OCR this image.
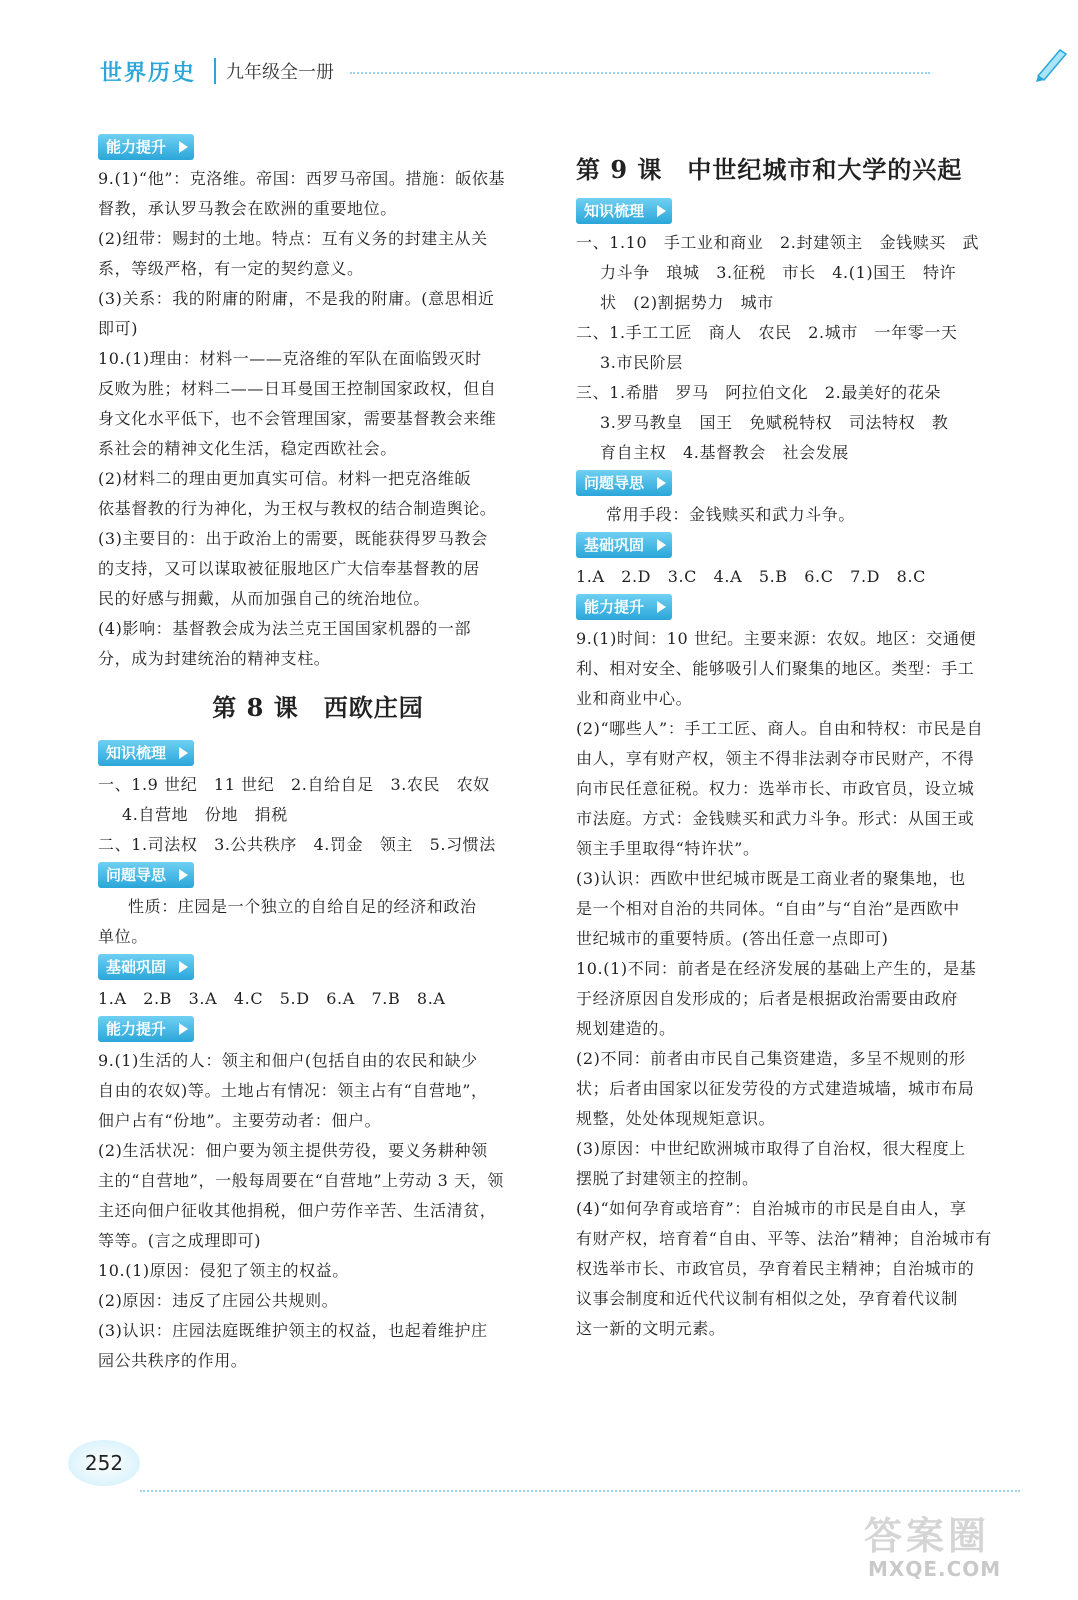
世界历史	九年级全一册
能力提升
9.(1)“他”：克洛维。帝国：西罗马帝国。措施：皈依基
督教，承认罗马教会在欧洲的重要地位。
(2)纽带：赐封的土地。特点：互有义务的封建主从关
系，等级严格，有一定的契约意义。
(3)关系：我的附庸的附庸，不是我的附庸。(意思相近
即可)
10.(1)理由：材料一——克洛维的军队在面临毁灭时
反败为胜；材料二——日耳曼国王控制国家政权，但自
身文化水平低下，也不会管理国家，需要基督教会来维
系社会的精神文化生活，稳定西欧社会。
(2)材料二的理由更加真实可信。材料一把克洛维皈
依基督教的行为神化，为王权与教权的结合制造舆论。
(3)主要目的：出于政治上的需要，既能获得罗马教会
的支持，又可以谋取被征服地区广大信奉基督教的居
民的好感与拥戴，从而加强自己的统治地位。
(4)影响：基督教会成为法兰克王国国家机器的一部
分，成为封建统治的精神支柱。
第 8 课　西欧庄园
知识梳理
一、1.9 世纪　11 世纪　2.自给自足　3.农民　农奴
4.自营地　份地　捐税
二、1.司法权　3.公共秩序　4.罚金　领主　5.习惯法
问题导思
性质：庄园是一个独立的自给自足的经济和政治
单位。
基础巩固
1.A　2.B　3.A　4.C　5.D　6.A　7.B　8.A
能力提升
9.(1)生活的人：领主和佃户(包括自由的农民和缺少
自由的农奴)等。土地占有情况：领主占有“自营地”，
佃户占有“份地”。主要劳动者：佃户。
(2)生活状况：佃户要为领主提供劳役，要义务耕种领
主的“自营地”，一般每周要在“自营地”上劳动 3 天，领
主还向佃户征收其他捐税，佃户劳作辛苦、生活清贫，
等等。(言之成理即可)
10.(1)原因：侵犯了领主的权益。
(2)原因：违反了庄园公共规则。
(3)认识：庄园法庭既维护领主的权益，也起着维护庄
园公共秩序的作用。
第 9 课　中世纪城市和大学的兴起
知识梳理
一、1.10　手工业和商业　2.封建领主　金钱赎买　武
力斗争　琅城　3.征税　市长　4.(1)国王　特许
状　(2)割据势力　城市
二、1.手工工匠　商人　农民　2.城市　一年零一天
3.市民阶层
三、1.希腊　罗马　阿拉伯文化　2.最美好的花朵
3.罗马教皇　国王　免赋税特权　司法特权　教
育自主权　4.基督教会　社会发展
问题导思
常用手段：金钱赎买和武力斗争。
基础巩固
1.A　2.D　3.C　4.A　5.B　6.C　7.D　8.C
能力提升
9.(1)时间：10 世纪。主要来源：农奴。地区：交通便
利、相对安全、能够吸引人们聚集的地区。类型：手工
业和商业中心。
(2)“哪些人”：手工工匠、商人。自由和特权：市民是自
由人，享有财产权，领主不得非法剥夺市民财产，不得
向市民任意征税。权力：选举市长、市政官员，设立城
市法庭。方式：金钱赎买和武力斗争。形式：从国王或
领主手里取得“特许状”。
(3)认识：西欧中世纪城市既是工商业者的聚集地，也
是一个相对自治的共同体。“自由”与“自治”是西欧中
世纪城市的重要特质。(答出任意一点即可)
10.(1)不同：前者是在经济发展的基础上产生的，是基
于经济原因自发形成的；后者是根据政治需要由政府
规划建造的。
(2)不同：前者由市民自己集资建造，多呈不规则的形
状；后者由国家以征发劳役的方式建造城墙，城市布局
规整，处处体现规矩意识。
(3)原因：中世纪欧洲城市取得了自治权，很大程度上
摆脱了封建领主的控制。
(4)“如何孕育或培育”：自治城市的市民是自由人，享
有财产权，培育着“自由、平等、法治”精神；自治城市有
权选举市长、市政官员，孕育着民主精神；自治城市的
议事会制度和近代代议制有相似之处，孕育着代议制
这一新的文明元素。
252
答案圈
MXQE.COM
